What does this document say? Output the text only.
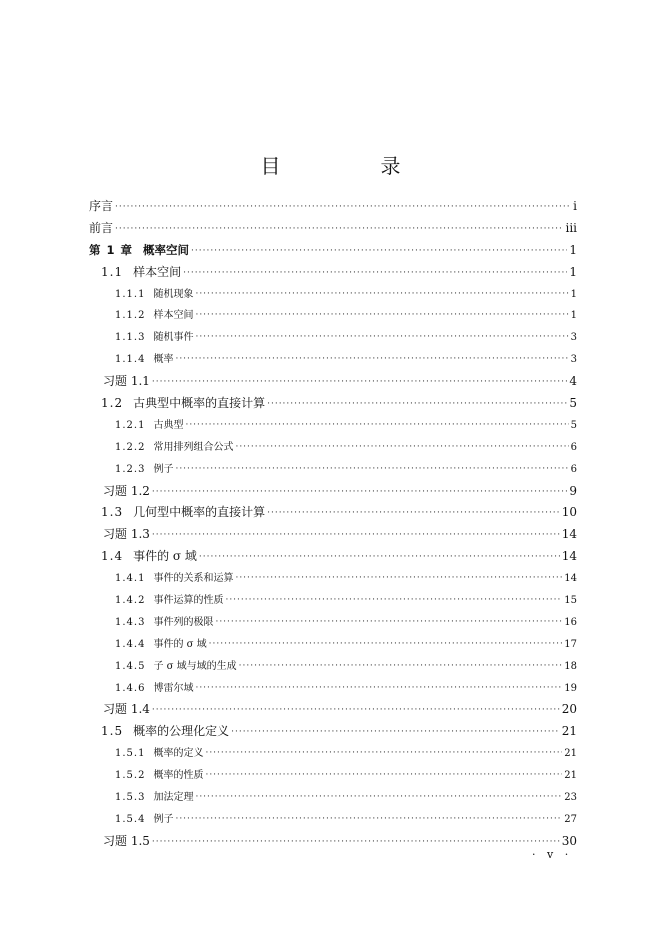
目　录
序言 ·····	i
前言 ·····	iii
第 1 章 概率空间 ·····	1
1.1 样本空间 ·····	1
1.1.1 随机现象 ·····	1
1.1.2 样本空间 ·····	1
1.1.3 随机事件 ·····	3
1.1.4 概率 ·····	3
习题 1.1 ·····	4
1.2 古典型中概率的直接计算 ·····	5
1.2.1 古典型 ·····	5
1.2.2 常用排列组合公式 ·····	6
1.2.3 例子 ·····	6
习题 1.2 ·····	9
1.3 几何型中概率的直接计算 ·····	10
习题 1.3 ·····	14
1.4 事件的 σ 域 ·····	14
1.4.1 事件的关系和运算 ·····	14
1.4.2 事件运算的性质 ·····	15
1.4.3 事件列的极限 ·····	16
1.4.4 事件的 σ 域 ·····	17
1.4.5 子 σ 域与域的生成 ·····	18
1.4.6 博雷尔域 ·····	19
习题 1.4 ·····	20
1.5 概率的公理化定义 ·····	21
1.5.1 概率的定义 ·····	21
1.5.2 概率的性质 ·····	21
1.5.3 加法定理 ·····	23
1.5.4 例子 ·····	27
习题 1.5 ·····	30
· v ·
